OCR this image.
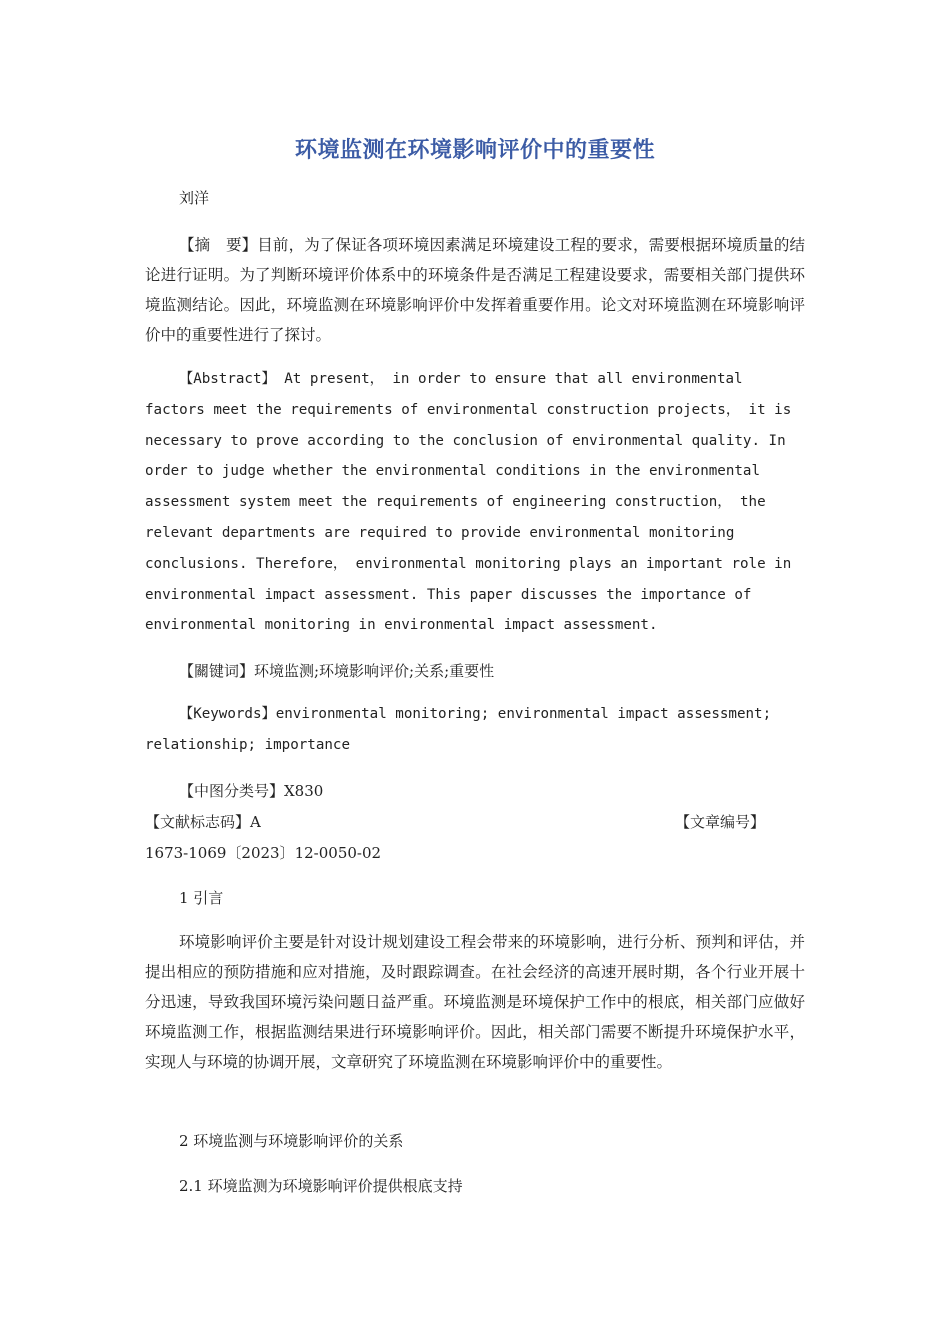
环境监测在环境影响评价中的重要性
刘洋

【摘　要】目前，为了保证各项环境因素满足环境建设工程的要求，需要根据环境质量的结论进行证明。为了判断环境评价体系中的环境条件是否满足工程建设要求，需要相关部门提供环境监测结论。因此，环境监测在环境影响评价中发挥着重要作用。论文对环境监测在环境影响评价中的重要性进行了探讨。

【Abstract】 At present， in order to ensure that all environmental factors meet the requirements of environmental construction projects， it is necessary to prove according to the conclusion of environmental quality. In order to judge whether the environmental conditions in the environmental assessment system meet the requirements of engineering construction， the relevant departments are required to provide environmental monitoring conclusions. Therefore， environmental monitoring plays an important role in environmental impact assessment. This paper discusses the importance of environmental monitoring in environmental impact assessment.

【關键词】环境监测;环境影响评价;关系;重要性

【Keywords】environmental monitoring; environmental impact assessment; relationship; importance

【中图分类号】X830
【文献标志码】A	【文章编号】
1673-1069〔2023〕12-0050-02
1 引言

环境影响评价主要是针对设计规划建设工程会带来的环境影响，进行分析、预判和评估，并提出相应的预防措施和应对措施，及时跟踪调查。在社会经济的高速开展时期，各个行业开展十分迅速，导致我国环境污染问题日益严重。环境监测是环境保护工作中的根底，相关部门应做好环境监测工作，根据监测结果进行环境影响评价。因此，相关部门需要不断提升环境保护水平，实现人与环境的协调开展，文章研究了环境监测在环境影响评价中的重要性。

2 环境监测与环境影响评价的关系
2.1 环境监测为环境影响评价提供根底支持
